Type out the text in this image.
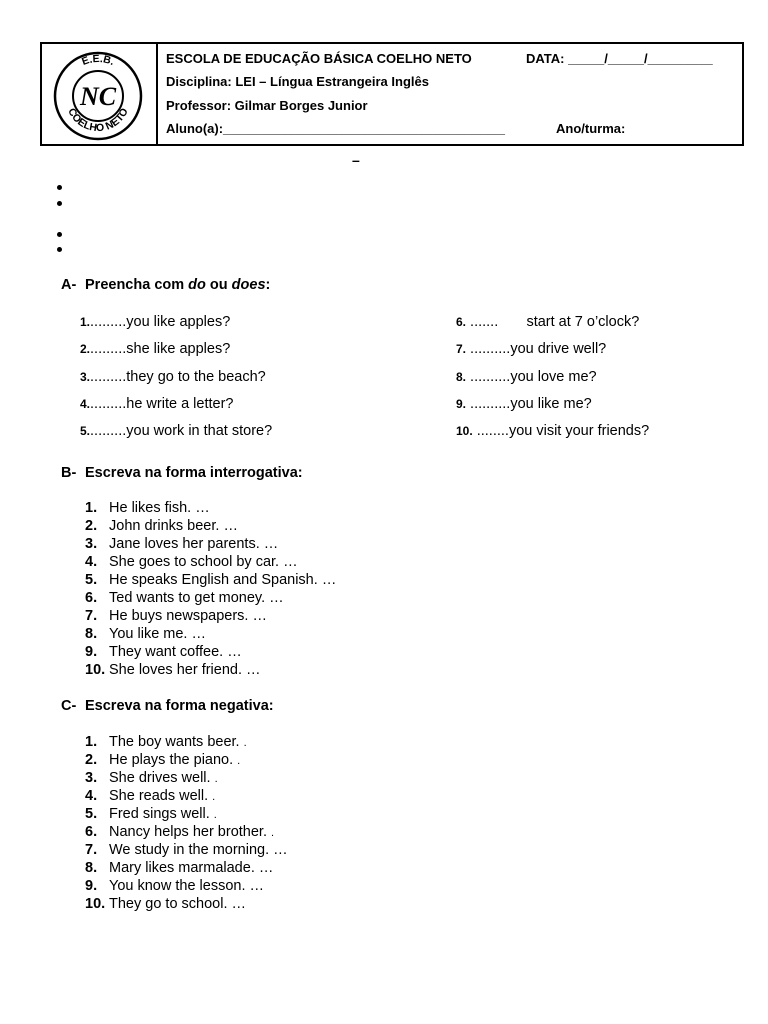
E.E.B.
COELHO NETO
NC
ESCOLA DE EDUCAÇÃO BÁSICA COELHO NETO	DATA: _____/_____/_________
Disciplina: LEI – Língua Estrangeira Inglês
Professor: Gilmar Borges Junior
Aluno(a):_______________________________________	Ano/turma:
–
A- Preencha com do ou does:
1..........you like apples?
2..........she like apples?
3..........they go to the beach?
4..........he write a letter?
5..........you work in that store?
6. .......       start at 7 o’clock?
7. ..........you drive well?
8. ..........you love me?
9. ..........you like me?
10. ........you visit your friends?
B- Escreva na forma interrogativa:
1. He likes fish. …
2. John drinks beer. …
3. Jane loves her parents. …
4. She goes to school by car. …
5. He speaks English and Spanish. …
6. Ted wants to get money. …
7. He buys newspapers. …
8. You like me. …
9. They want coffee. …
10. She loves her friend. …
C- Escreva na forma negativa:
1. The boy wants beer. .
2. He plays the piano. .
3. She drives well. .
4. She reads well. .
5. Fred sings well. .
6. Nancy helps her brother. .
7. We study in the morning. …
8. Mary likes marmalade. …
9. You know the lesson. …
10. They go to school. …
